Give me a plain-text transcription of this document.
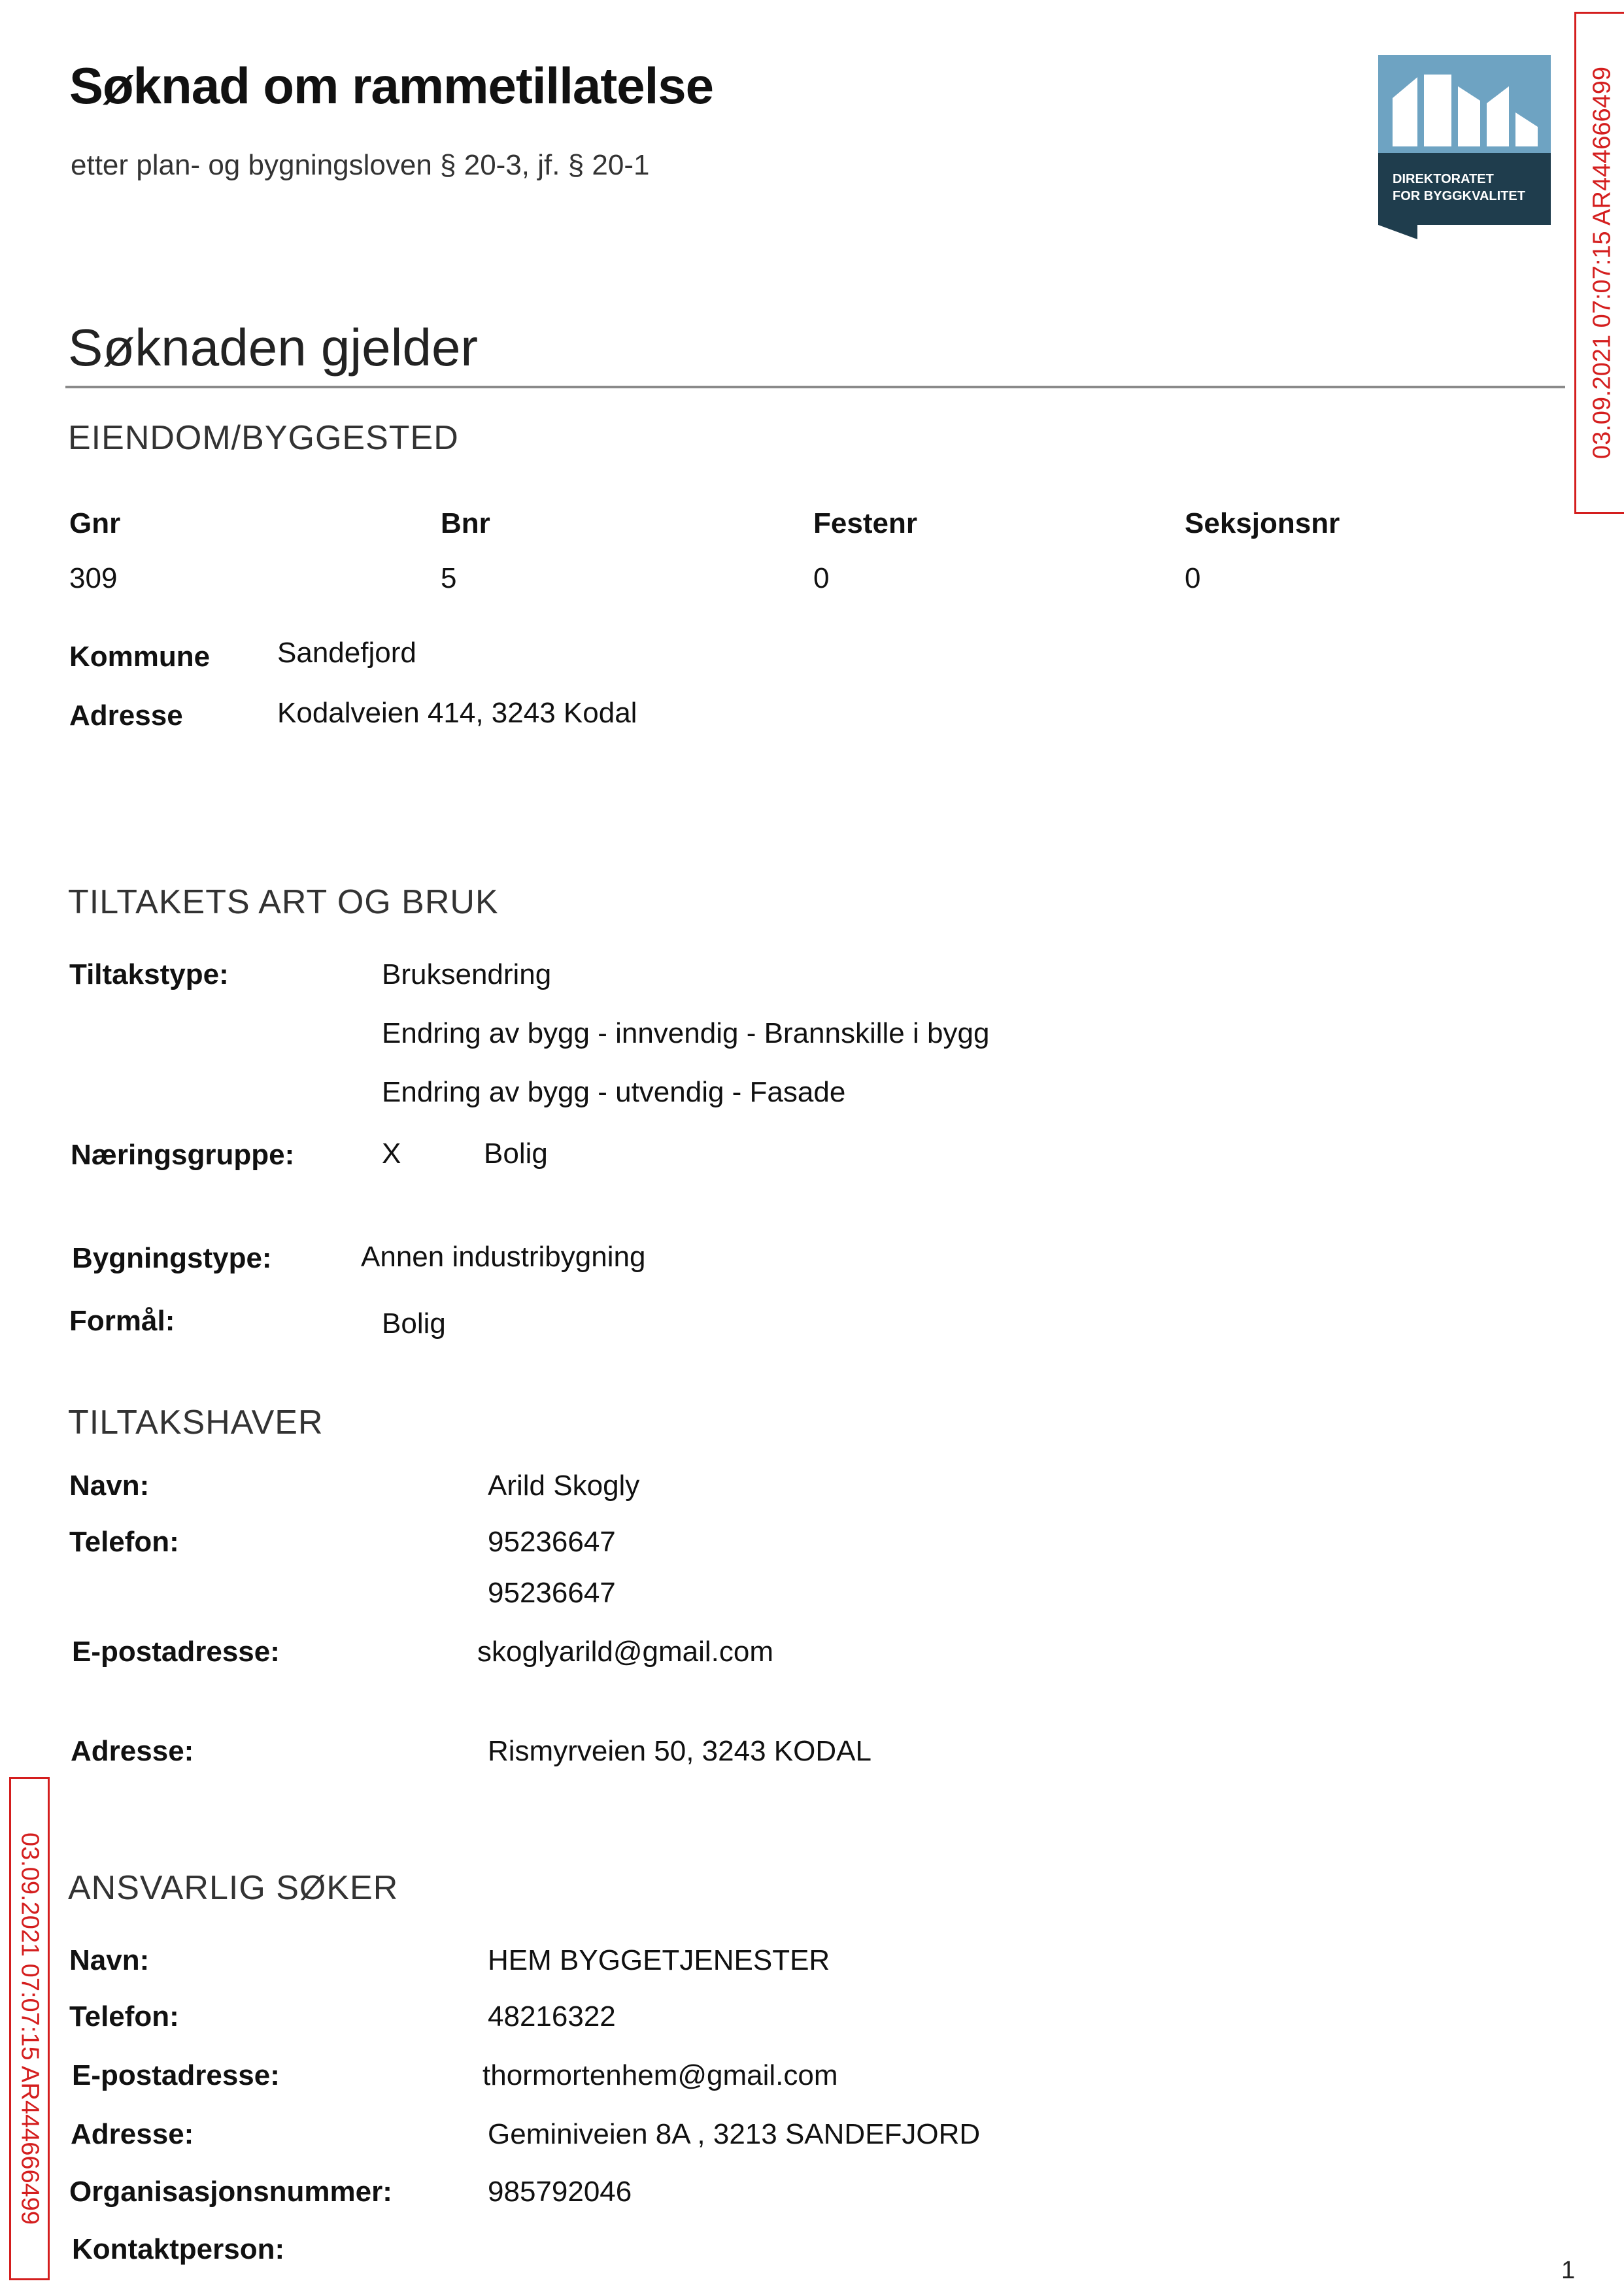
Søknad om rammetillatelse
etter plan- og bygningsloven § 20-3, jf. § 20-1	DIREKTORATET
FOR BYGGKVALITET	03.09.2021 07:07:15 AR444666499
03.09.2021 07:07:15 AR444666499
Søknaden gjelder
EIENDOM/BYGGESTED
Gnr	Bnr	Festenr	Seksjonsnr
309	5	0	0
Kommune Sandefjord
Adresse	Kodalveien 414, 3243 Kodal
TILTAKETS ART OG BRUK
Tiltakstype:	Bruksendring
Endring av bygg - innvendig - Brannskille i bygg
Endring av bygg - utvendig - Fasade
Næringsgruppe:	X	Bolig
Bygningstype:	Annen industribygning
Formål:	Bolig
TILTAKSHAVER
Navn:	Arild Skogly
Telefon:	95236647
95236647
E-postadresse:	skoglyarild@gmail.com
Adresse:	Rismyrveien 50, 3243 KODAL
ANSVARLIG SØKER
Navn:	HEM BYGGETJENESTER
Telefon:	48216322
E-postadresse:	thormortenhem@gmail.com
Adresse:	Geminiveien 8A , 3213 SANDEFJORD
Organisasjonsnummer:	985792046
Kontaktperson:
1
